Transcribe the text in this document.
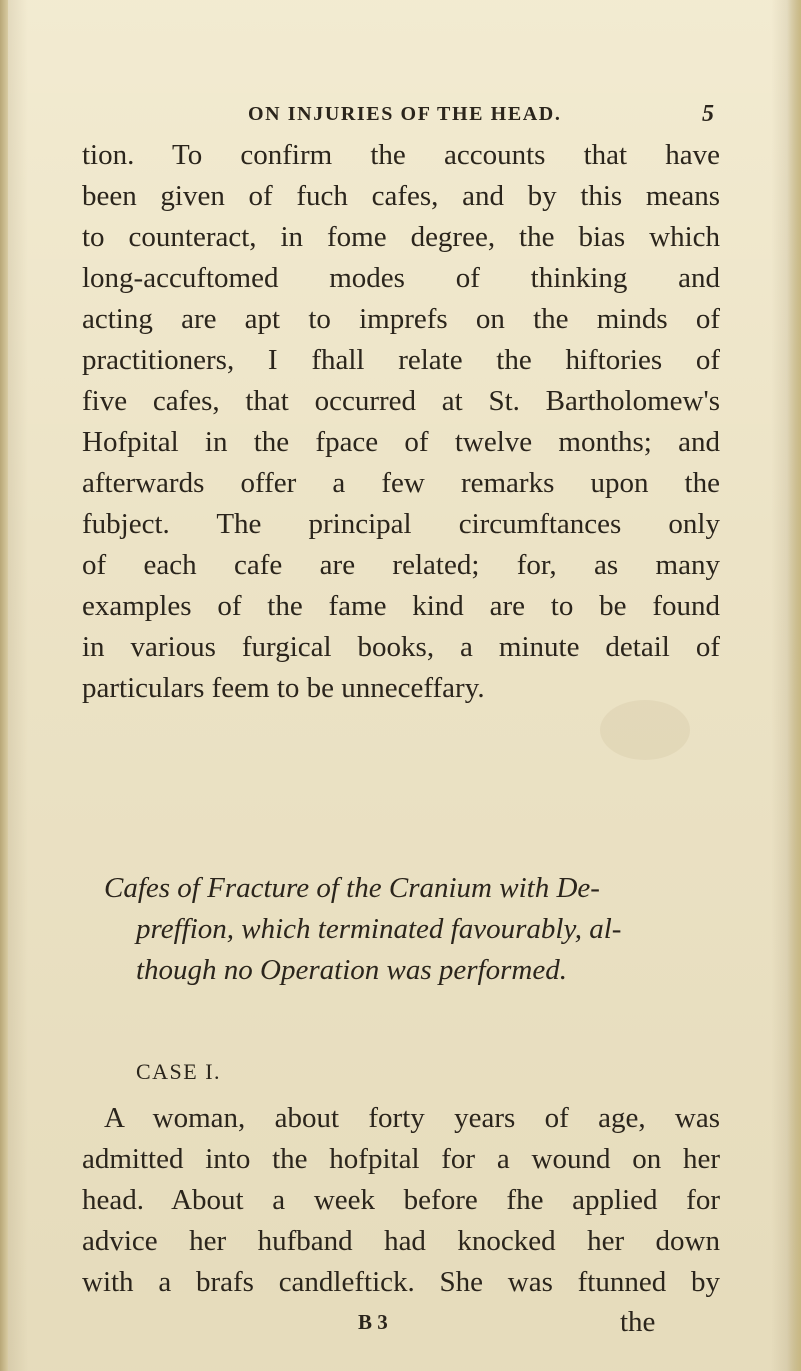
ON INJURIES OF THE HEAD.	5
tion. To confirm the accounts that have
been given of fuch cafes, and by this means
to counteract, in fome degree, the bias which
long-accuftomed modes of thinking and
acting are apt to imprefs on the minds of
practitioners, I fhall relate the hiftories of
five cafes, that occurred at St. Bartholomew's
Hofpital in the fpace of twelve months; and
afterwards offer a few remarks upon the
fubject. The principal circumftances only
of each cafe are related; for, as many
examples of the fame kind are to be found
in various furgical books, a minute detail of
particulars feem to be unneceffary.
Cafes of Fracture of the Cranium with De-
preffion, which terminated favourably, al-
though no Operation was performed.
CASE I.
A woman, about forty years of age, was
admitted into the hofpital for a wound on her
head. About a week before fhe applied for
advice her hufband had knocked her down
with a brafs candleftick. She was ftunned by
B 3	the
